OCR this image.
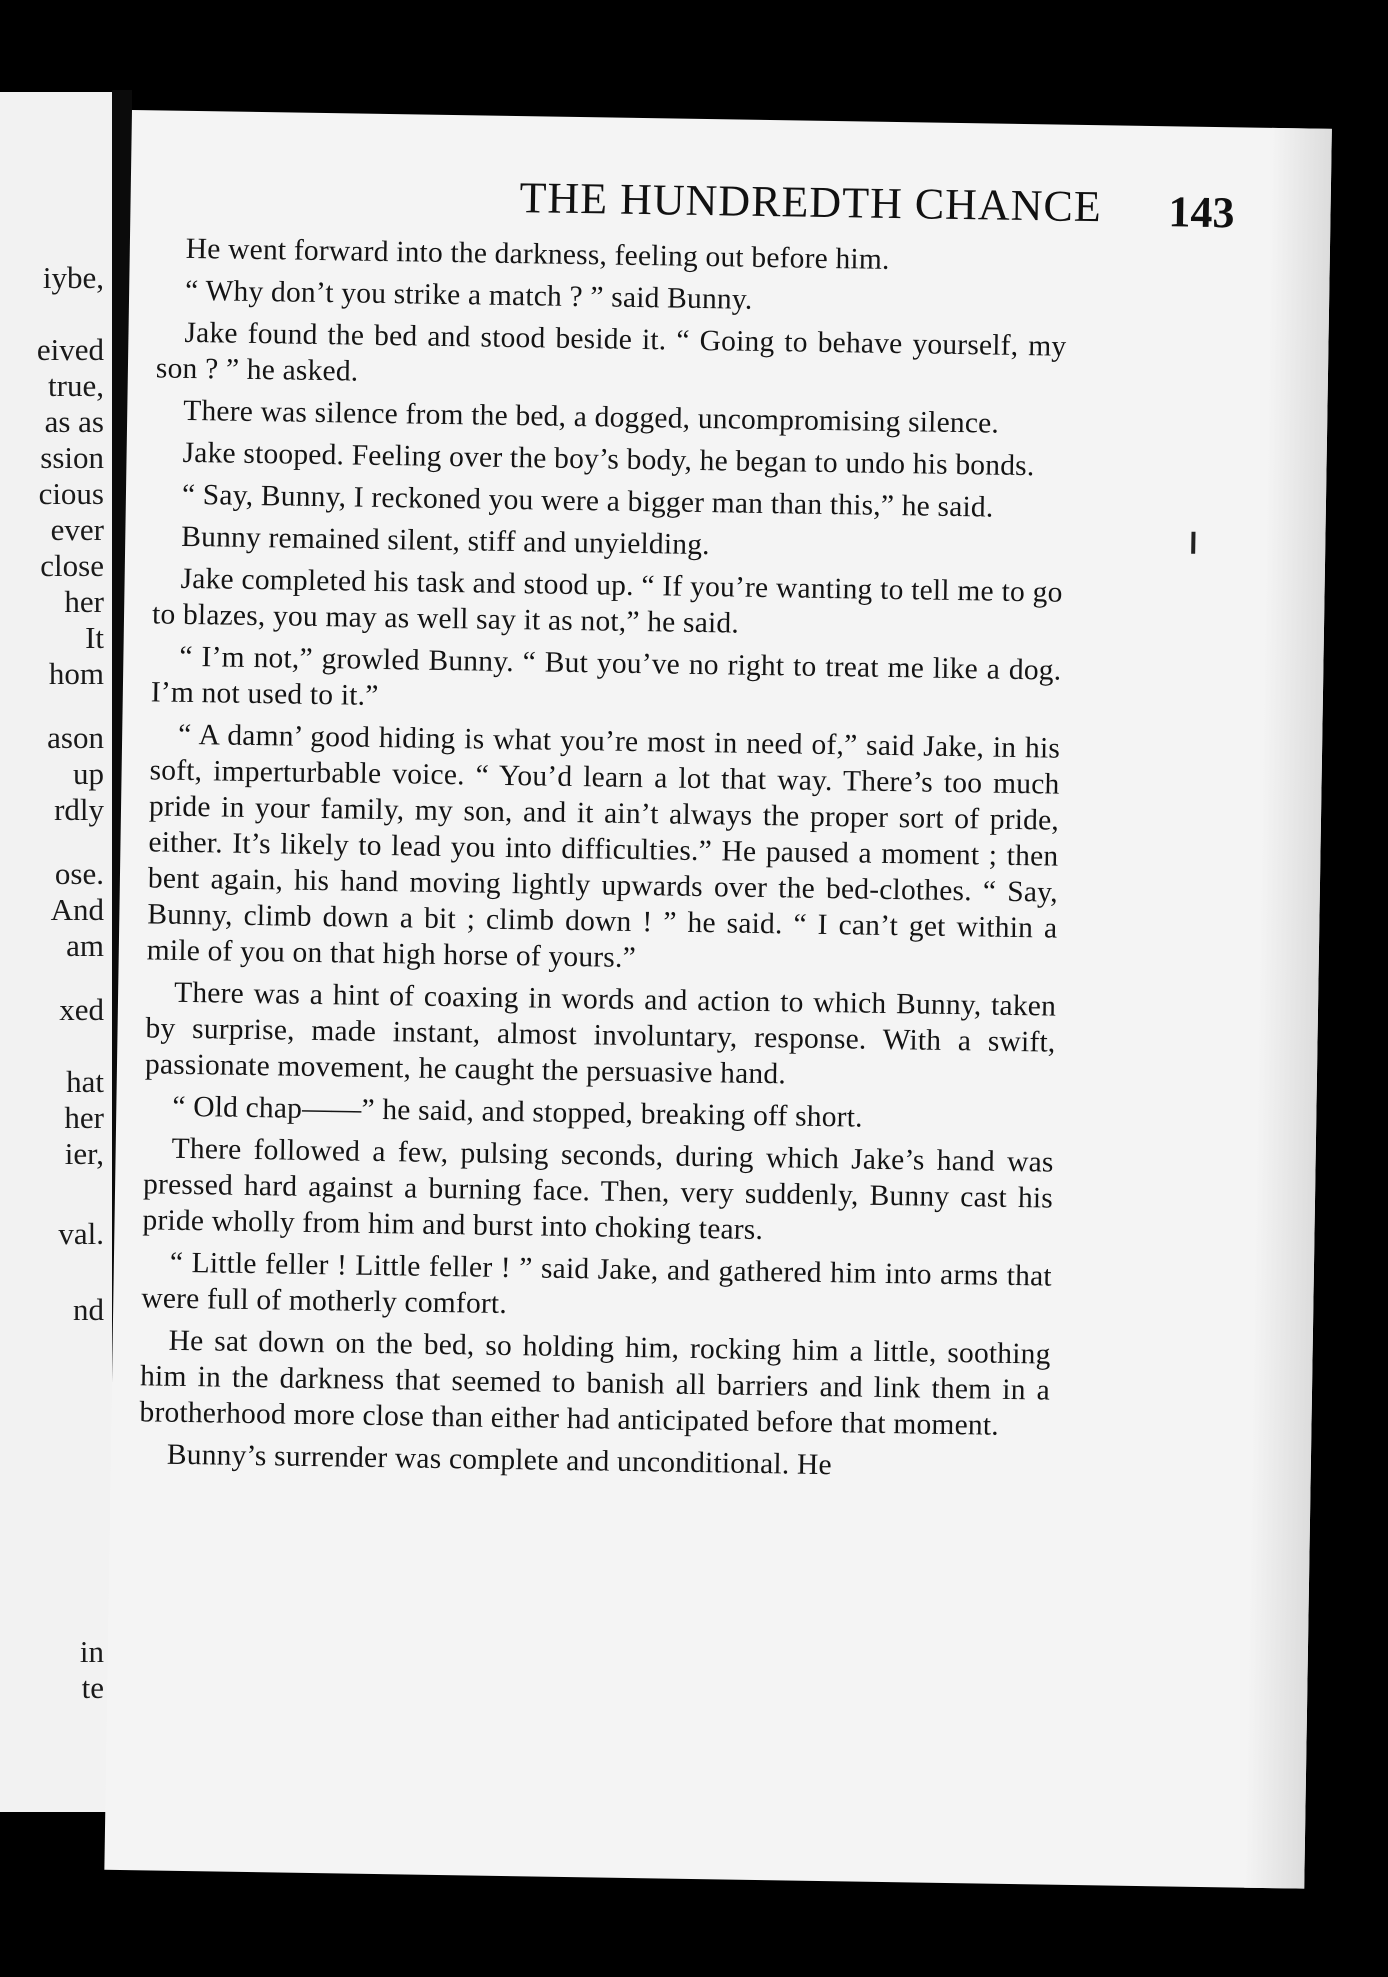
iybe,
eived
true,
as as
ssion
cious
ever
close
her
It
hom
ason
up
rdly
ose.
And
am
xed
hat
her
ier,
val.
nd
in
te
THE HUNDREDTH CHANCE 143

He went forward into the darkness, feeling out before him.

“ Why don’t you strike a match ? ” said Bunny.

Jake found the bed and stood beside it. “ Going to behave yourself, my son ? ” he asked.

There was silence from the bed, a dogged, uncompromising silence.

Jake stooped. Feeling over the boy’s body, he began to undo his bonds.

“ Say, Bunny, I reckoned you were a bigger man than this,” he said.

Bunny remained silent, stiff and unyielding.

Jake completed his task and stood up. “ If you’re wanting to tell me to go to blazes, you may as well say it as not,” he said.

“ I’m not,” growled Bunny. “ But you’ve no right to treat me like a dog. I’m not used to it.”

“ A damn’ good hiding is what you’re most in need of,” said Jake, in his soft, imperturbable voice. “ You’d learn a lot that way. There’s too much pride in your family, my son, and it ain’t always the proper sort of pride, either. It’s likely to lead you into difficulties.” He paused a moment ; then bent again, his hand moving lightly upwards over the bed-clothes. “ Say, Bunny, climb down a bit ; climb down ! ” he said. “ I can’t get within a mile of you on that high horse of yours.”

There was a hint of coaxing in words and action to which Bunny, taken by surprise, made instant, almost involuntary, response. With a swift, passionate movement, he caught the persuasive hand.

“ Old chap——” he said, and stopped, breaking off short.

There followed a few, pulsing seconds, during which Jake’s hand was pressed hard against a burning face. Then, very suddenly, Bunny cast his pride wholly from him and burst into choking tears.

“ Little feller ! Little feller ! ” said Jake, and gathered him into arms that were full of motherly comfort.

He sat down on the bed, so holding him, rocking him a little, soothing him in the darkness that seemed to banish all barriers and link them in a brotherhood more close than either had anticipated before that moment.

Bunny’s surrender was complete and unconditional. He
